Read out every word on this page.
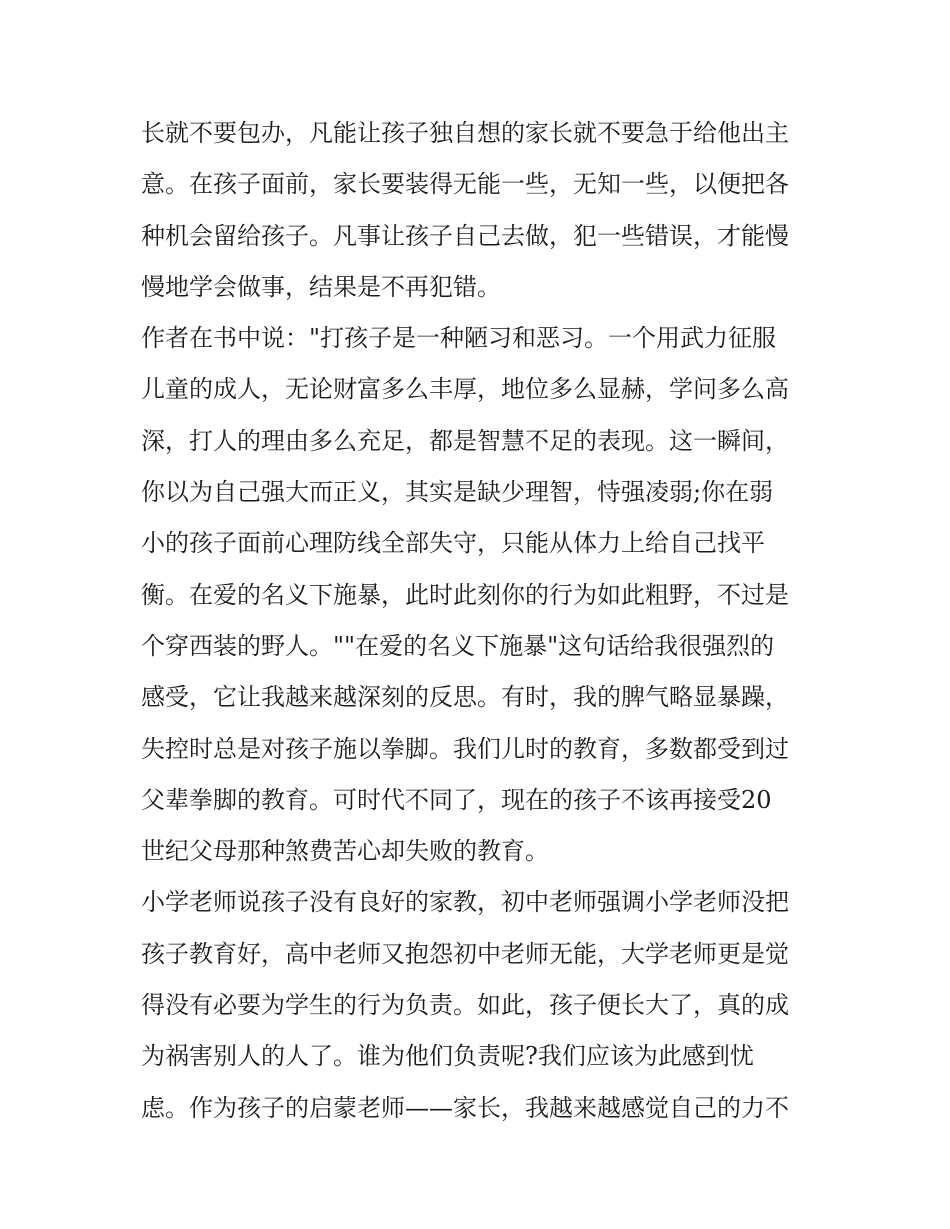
长就不要包办，凡能让孩子独自想的家长就不要急于给他出主
意。在孩子面前，家长要装得无能一些，无知一些，以便把各
种机会留给孩子。凡事让孩子自己去做，犯一些错误，才能慢
慢地学会做事，结果是不再犯错。
作者在书中说："打孩子是一种陋习和恶习。一个用武力征服
儿童的成人，无论财富多么丰厚，地位多么显赫，学问多么高
深，打人的理由多么充足，都是智慧不足的表现。这一瞬间，
你以为自己强大而正义，其实是缺少理智，恃强凌弱;你在弱
小的孩子面前心理防线全部失守，只能从体力上给自己找平
衡。在爱的名义下施暴，此时此刻你的行为如此粗野，不过是
个穿西装的野人。""在爱的名义下施暴"这句话给我很强烈的
感受，它让我越来越深刻的反思。有时，我的脾气略显暴躁，
失控时总是对孩子施以拳脚。我们儿时的教育，多数都受到过
父辈拳脚的教育。可时代不同了，现在的孩子不该再接受20
世纪父母那种煞费苦心却失败的教育。
小学老师说孩子没有良好的家教，初中老师强调小学老师没把
孩子教育好，高中老师又抱怨初中老师无能，大学老师更是觉
得没有必要为学生的行为负责。如此，孩子便长大了，真的成
为祸害别人的人了。谁为他们负责呢?我们应该为此感到忧
虑。作为孩子的启蒙老师——家长，我越来越感觉自己的力不
